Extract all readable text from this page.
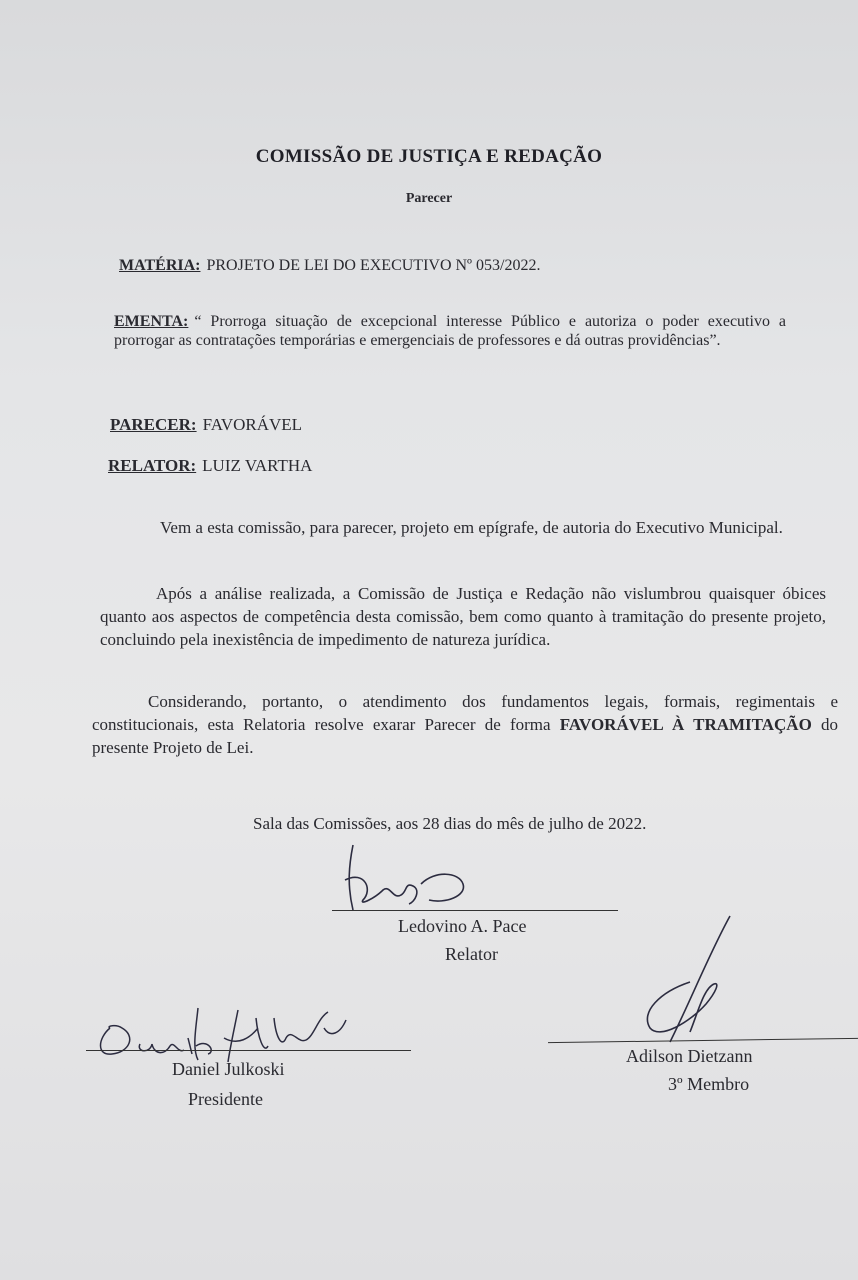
COMISSÃO DE JUSTIÇA E REDAÇÃO
Parecer
MATÉRIA: PROJETO DE LEI DO EXECUTIVO Nº 053/2022.
EMENTA: “ Prorroga situação de excepcional interesse Público e autoriza o poder executivo a prorrogar as contratações temporárias e emergenciais de professores e dá outras providências”.
PARECER: FAVORÁVEL
RELATOR: LUIZ VARTHA
Vem a esta comissão, para parecer, projeto em epígrafe, de autoria do Executivo Municipal.
Após a análise realizada, a Comissão de Justiça e Redação não vislumbrou quaisquer óbices quanto aos aspectos de competência desta comissão, bem como quanto à tramitação do presente projeto, concluindo pela inexistência de impedimento de natureza jurídica.
Considerando, portanto, o atendimento dos fundamentos legais, formais, regimentais e constitucionais, esta Relatoria resolve exarar Parecer de forma FAVORÁVEL À TRAMITAÇÃO do presente Projeto de Lei.
Sala das Comissões, aos 28 dias do mês de julho de 2022.
Ledovino A. Pace
Relator
Daniel Julkoski
Presidente
Adilson Dietzann
3º Membro
